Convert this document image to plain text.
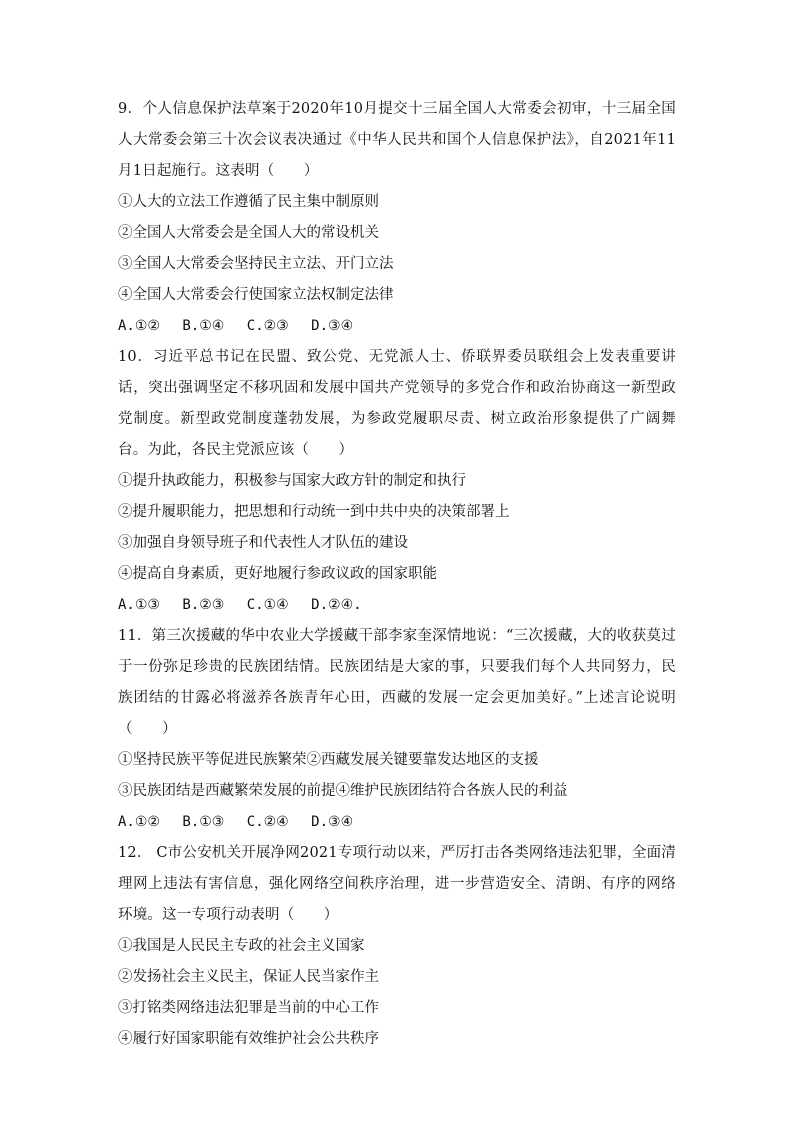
9．个人信息保护法草案于2020年10月提交十三届全国人大常委会初审，十三届全国人大常委会第三十次会议表决通过《中华人民共和国个人信息保护法》，自2021年11月1日起施行。这表明（　　）
①人大的立法工作遵循了民主集中制原则
②全国人大常委会是全国人大的常设机关
③全国人大常委会坚持民主立法、开门立法
④全国人大常委会行使国家立法权制定法律
A.①②　 B.①④　 C.②③　 D.③④
10．习近平总书记在民盟、致公党、无党派人士、侨联界委员联组会上发表重要讲话，突出强调坚定不移巩固和发展中国共产党领导的多党合作和政治协商这一新型政党制度。新型政党制度蓬勃发展，为参政党履职尽责、树立政治形象提供了广阔舞台。为此，各民主党派应该（　　）
①提升执政能力，积极参与国家大政方针的制定和执行
②提升履职能力，把思想和行动统一到中共中央的决策部署上
③加强自身领导班子和代表性人才队伍的建设
④提高自身素质，更好地履行参政议政的国家职能
A.①③　 B.②③　 C.①④　 D.②④.
11．第三次援藏的华中农业大学援藏干部李家奎深情地说：“三次援藏，大的收获莫过于一份弥足珍贵的民族团结情。民族团结是大家的事，只要我们每个人共同努力，民族团结的甘露必将滋养各族青年心田，西藏的发展一定会更加美好。”上述言论说明（　　）
①坚持民族平等促进民族繁荣②西藏发展关键要靠发达地区的支援
③民族团结是西藏繁荣发展的前提④维护民族团结符合各族人民的利益
A.①②　 B.①③　 C.②④　 D.③④
12． C市公安机关开展净网2021专项行动以来，严厉打击各类网络违法犯罪，全面清理网上违法有害信息，强化网络空间秩序治理，进一步营造安全、清朗、有序的网络环境。这一专项行动表明（　　）
①我国是人民民主专政的社会主义国家
②发扬社会主义民主，保证人民当家作主
③打铭类网络违法犯罪是当前的中心工作
④履行好国家职能有效维护社会公共秩序
